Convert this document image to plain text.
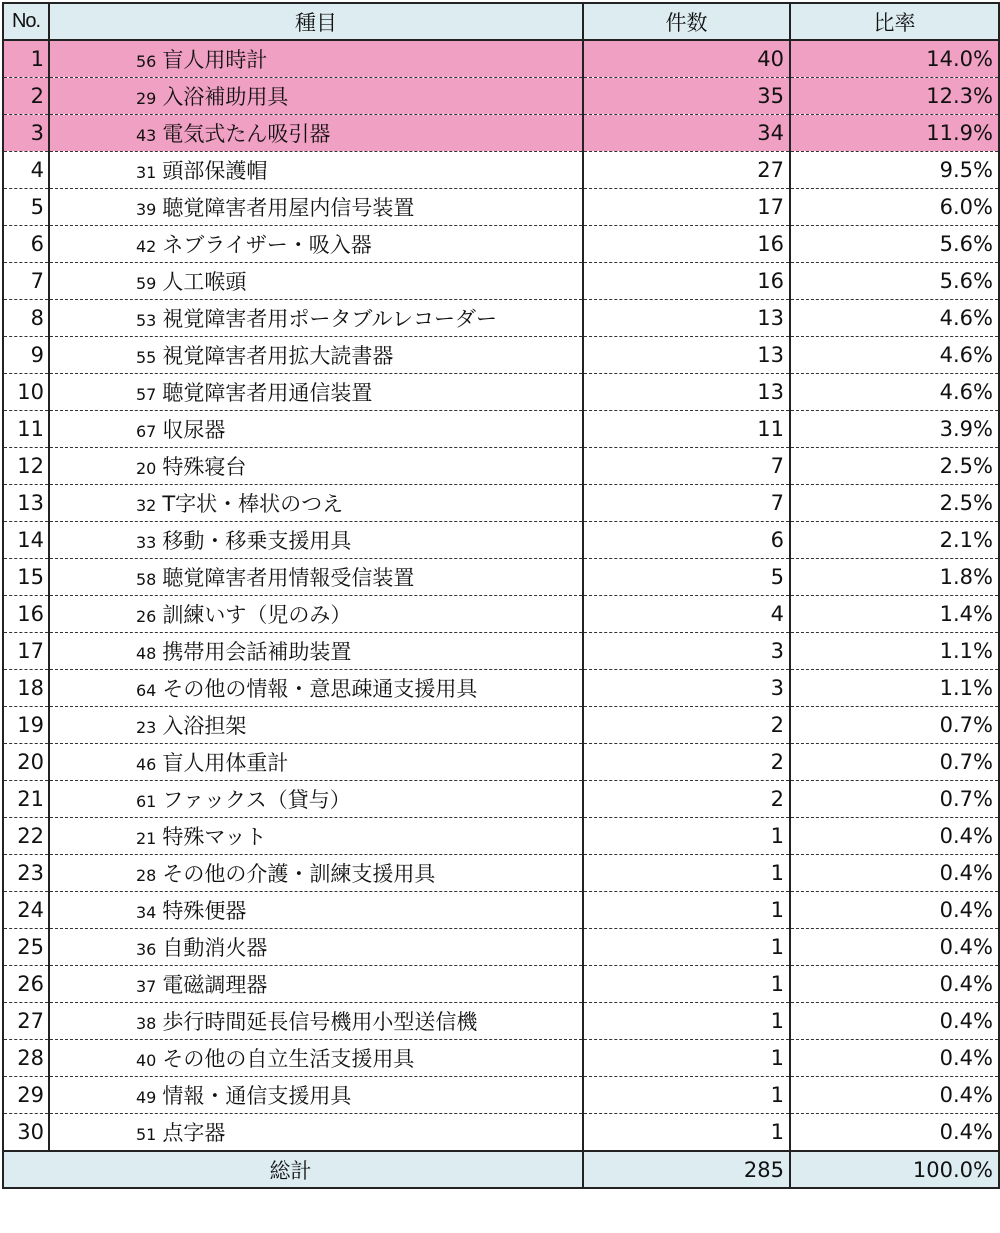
No.	種目	件数	比率
1	56 盲人用時計	40	14.0%
2	29 入浴補助用具	35	12.3%
3	43 電気式たん吸引器	34	11.9%
4	31 頭部保護帽	27	9.5%
5	39 聴覚障害者用屋内信号装置	17	6.0%
6	42 ネブライザー・吸入器	16	5.6%
7	59 人工喉頭	16	5.6%
8	53 視覚障害者用ポータブルレコーダー	13	4.6%
9	55 視覚障害者用拡大読書器	13	4.6%
10	57 聴覚障害者用通信装置	13	4.6%
11	67 収尿器	11	3.9%
12	20 特殊寝台	7	2.5%
13	32 T字状・棒状のつえ	7	2.5%
14	33 移動・移乗支援用具	6	2.1%
15	58 聴覚障害者用情報受信装置	5	1.8%
16	26 訓練いす（児のみ）	4	1.4%
17	48 携帯用会話補助装置	3	1.1%
18	64 その他の情報・意思疎通支援用具	3	1.1%
19	23 入浴担架	2	0.7%
20	46 盲人用体重計	2	0.7%
21	61 ファックス（貸与）	2	0.7%
22	21 特殊マット	1	0.4%
23	28 その他の介護・訓練支援用具	1	0.4%
24	34 特殊便器	1	0.4%
25	36 自動消火器	1	0.4%
26	37 電磁調理器	1	0.4%
27	38 歩行時間延長信号機用小型送信機	1	0.4%
28	40 その他の自立生活支援用具	1	0.4%
29	49 情報・通信支援用具	1	0.4%
30	51 点字器	1	0.4%
総計		285	100.0%
